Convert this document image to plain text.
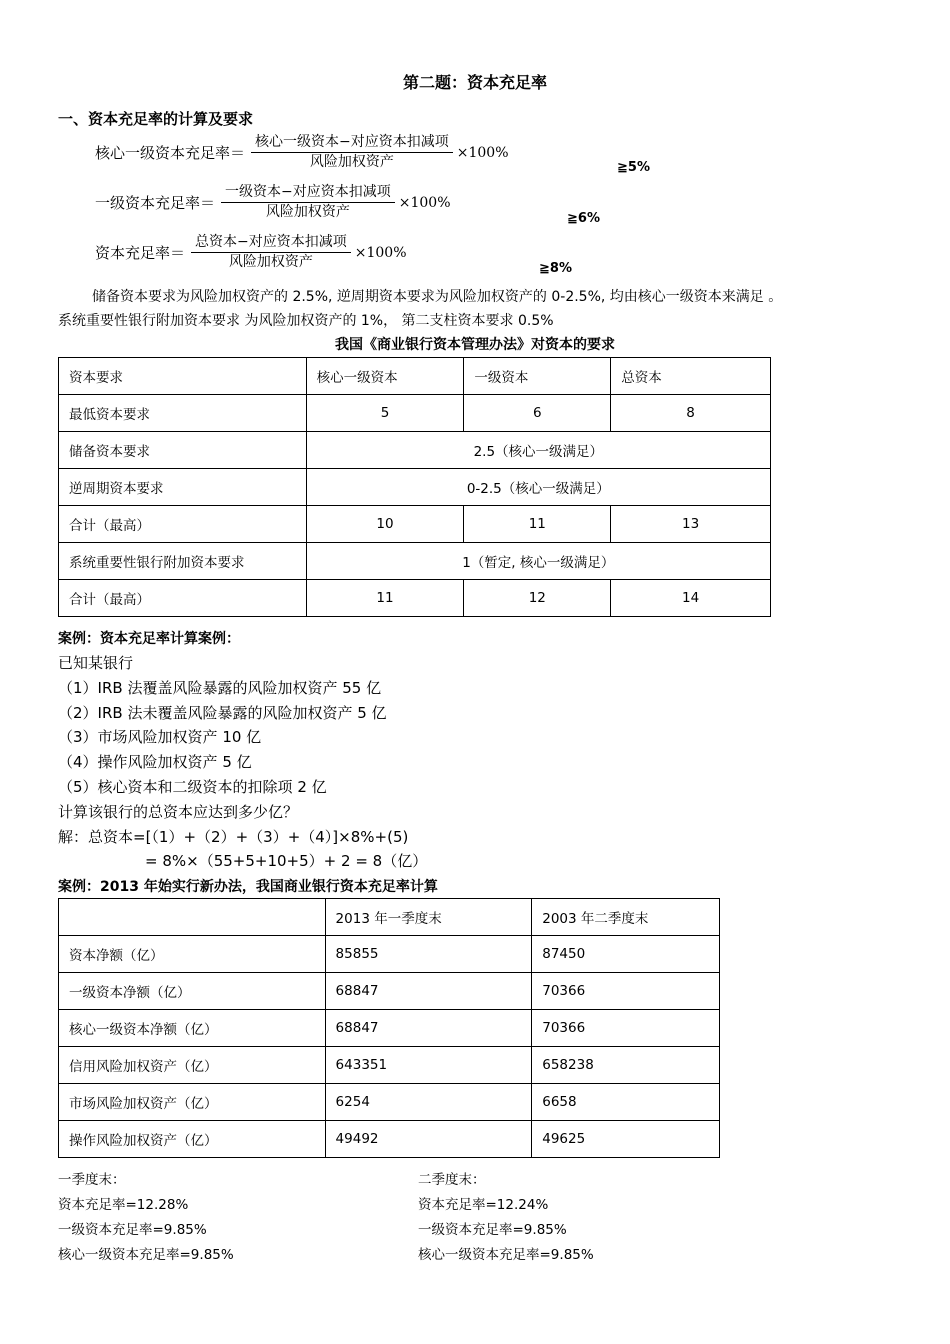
第二题：资本充足率
一、资本充足率的计算及要求
核心一级资本充足率＝ $\frac{\text{核心一级资本−对应资本扣减项}}{\text{风险加权资产}} \times 100\%$
≧5%
一级资本充足率＝ $\frac{\text{一级资本−对应资本扣减项}}{\text{风险加权资产}} \times 100\%$
≧6%
资本充足率＝ $\frac{\text{总资本−对应资本扣减项}}{\text{风险加权资产}} \times 100\%$
≧8%
储备资本要求为风险加权资产的 2.5%, 逆周期资本要求为风险加权资产的 0-2.5%, 均由核心一级资本来满足 。
系统重要性银行附加资本要求 为风险加权资产的 1%， 第二支柱资本要求 0.5%
我国《商业银行资本管理办法》对资本的要求
资本要求	核心一级资本	一级资本	总资本
最低资本要求	5	6	8
储备资本要求	2.5（核心一级满足）		
逆周期资本要求	0-2.5（核心一级满足）		
合计（最高）	10	11	13
系统重要性银行附加资本要求	1（暂定, 核心一级满足）		
合计（最高）	11	12	14
案例：资本充足率计算案例：
已知某银行
（1）IRB 法覆盖风险暴露的风险加权资产 55 亿
（2）IRB 法未覆盖风险暴露的风险加权资产 5 亿
（3）市场风险加权资产 10 亿
（4）操作风险加权资产 5 亿
（5）核心资本和二级资本的扣除项 2 亿
计算该银行的总资本应达到多少亿？
解：总资本=[（1）+（2）+（3）+（4）]×8%+(5)
= 8%×（55+5+10+5）+ 2 = 8（亿）
案例：2013 年始实行新办法，我国商业银行资本充足率计算
	2013 年一季度末	2003 年二季度末
资本净额（亿）	85855	87450
一级资本净额（亿）	68847	70366
核心一级资本净额（亿）	68847	70366
信用风险加权资产（亿）	643351	658238
市场风险加权资产（亿）	6254	6658
操作风险加权资产（亿）	49492	49625
一季度末：
资本充足率=12.28%
一级资本充足率=9.85%
核心一级资本充足率=9.85%
二季度末：
资本充足率=12.24%
一级资本充足率=9.85%
核心一级资本充足率=9.85%
